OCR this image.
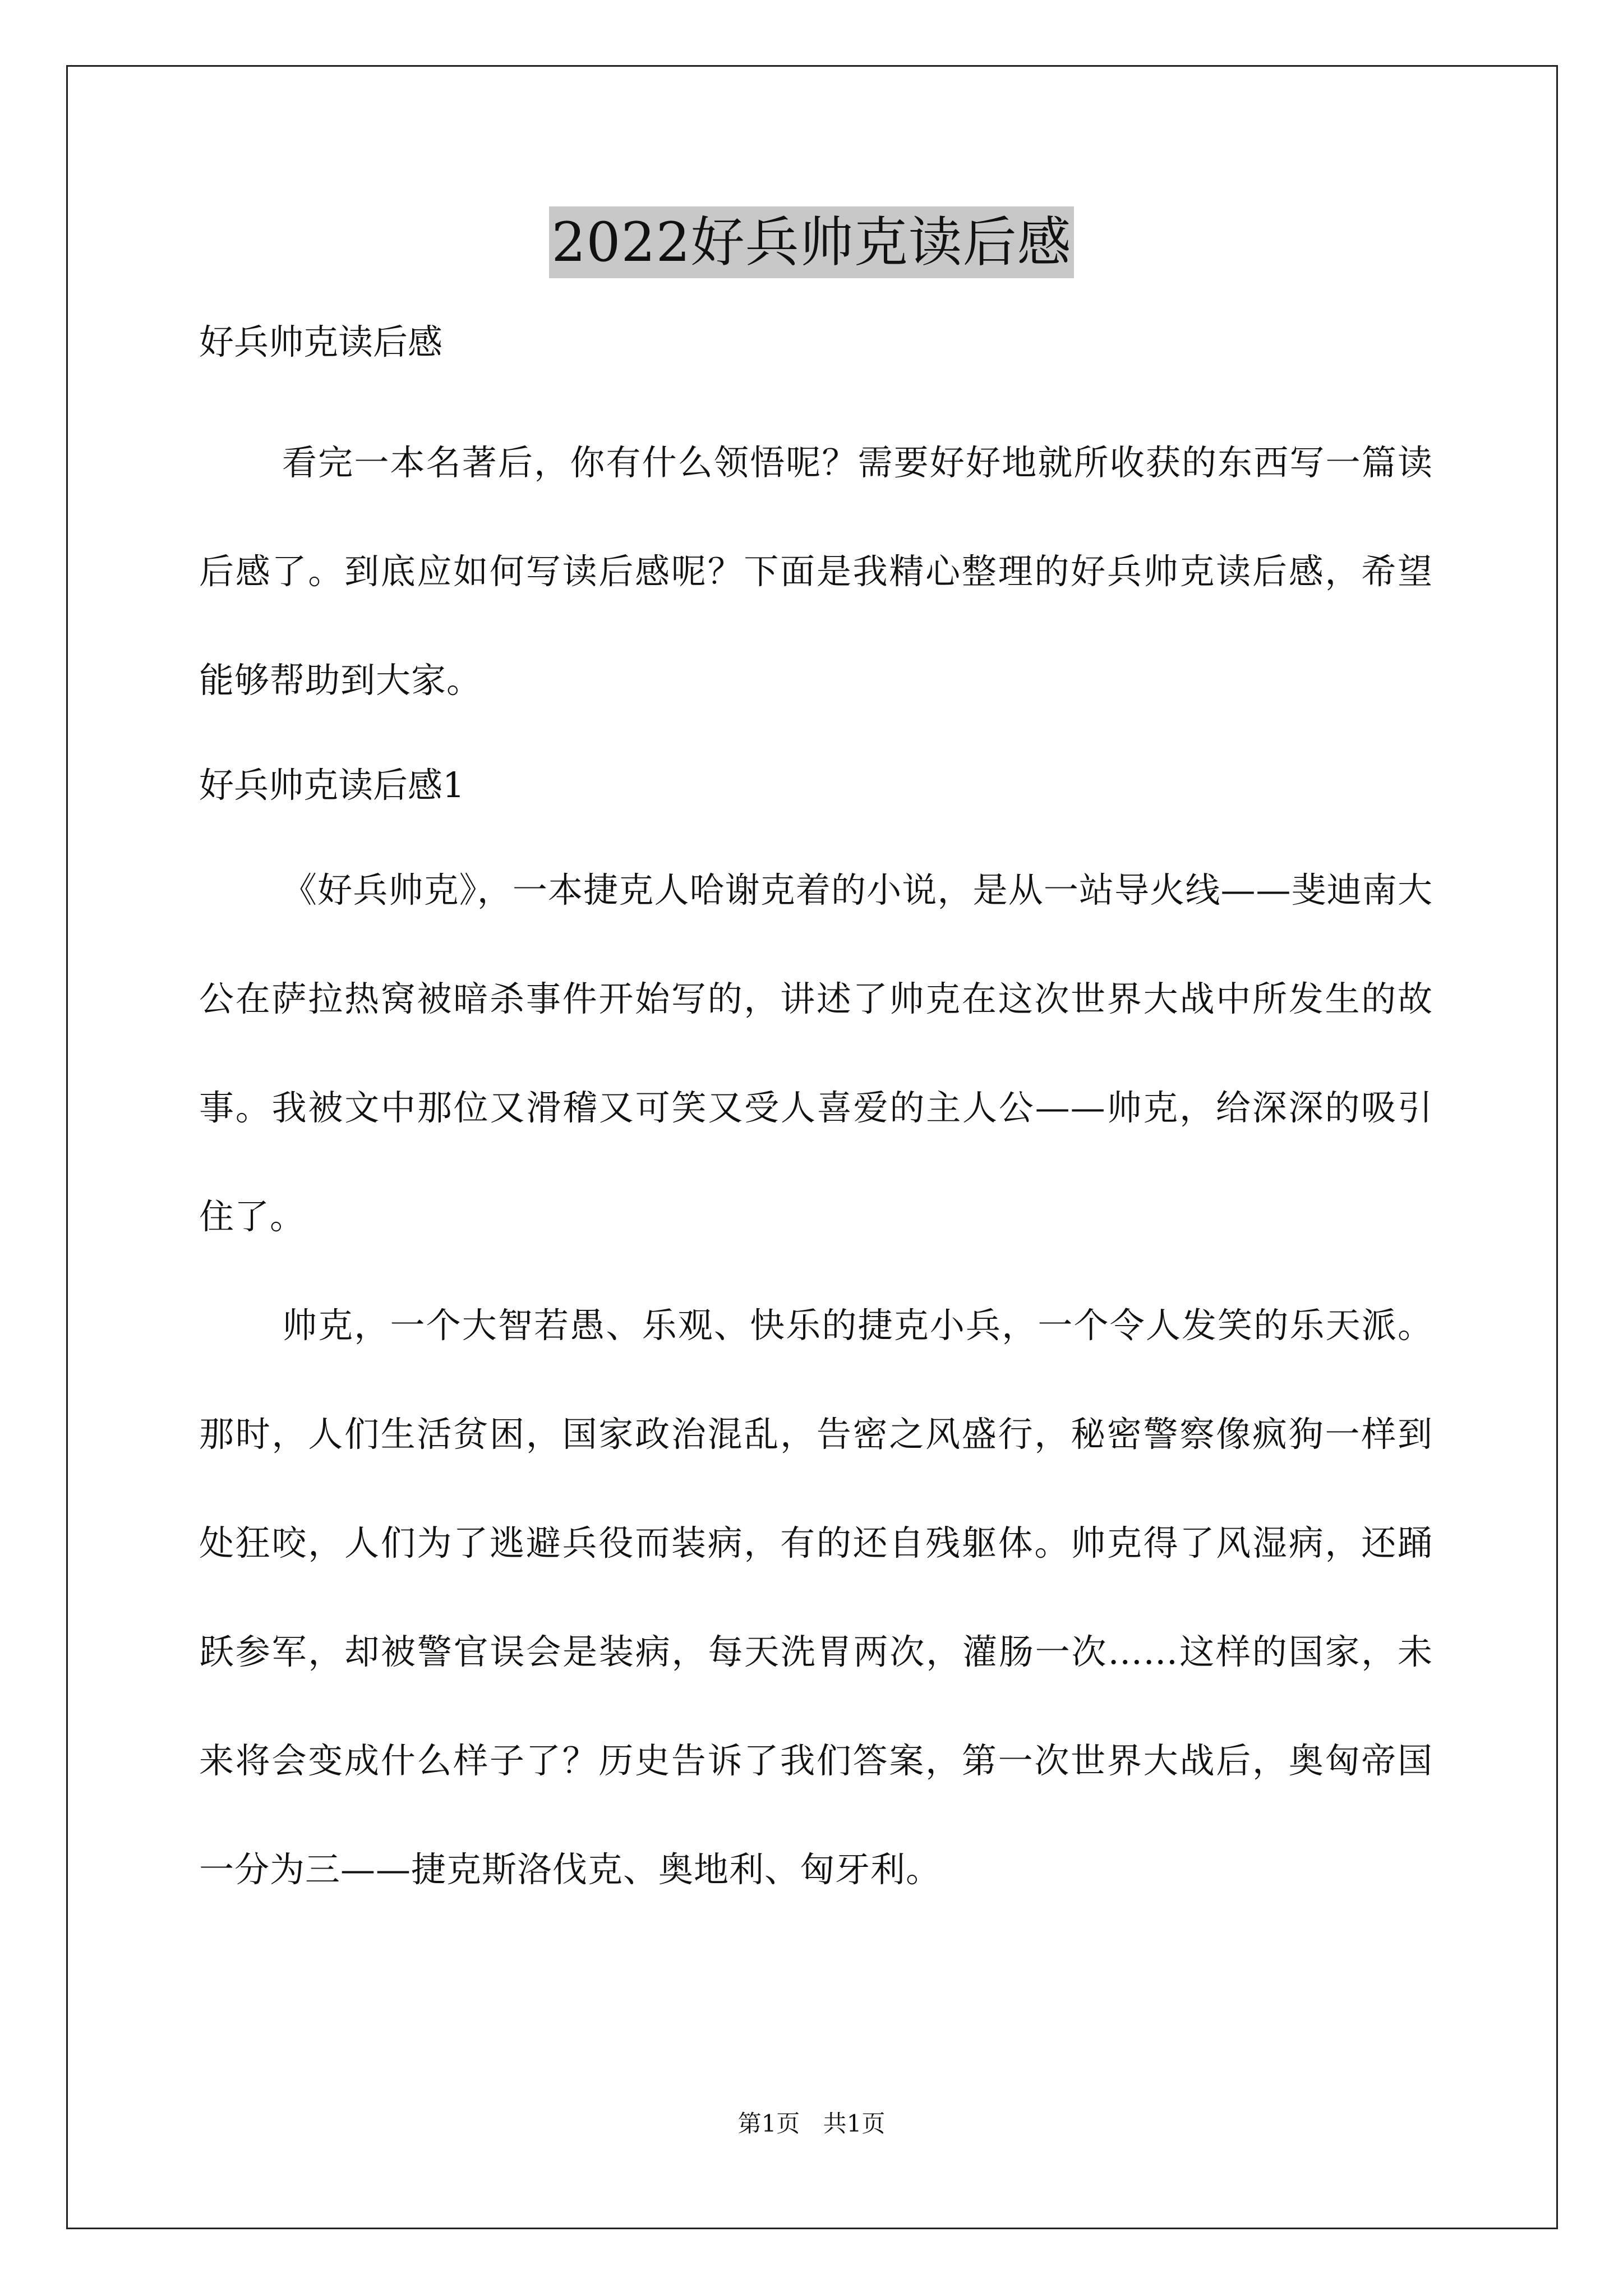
2022好兵帅克读后感

好兵帅克读后感

看完一本名著后，你有什么领悟呢？需要好好地就所收获的东西写一篇读后感了。到底应如何写读后感呢？下面是我精心整理的好兵帅克读后感，希望能够帮助到大家。

好兵帅克读后感1

《好兵帅克》，一本捷克人哈谢克着的小说，是从一站导火线——斐迪南大公在萨拉热窝被暗杀事件开始写的，讲述了帅克在这次世界大战中所发生的故事。我被文中那位又滑稽又可笑又受人喜爱的主人公——帅克，给深深的吸引住了。

帅克，一个大智若愚、乐观、快乐的捷克小兵，一个令人发笑的乐天派。那时，人们生活贫困，国家政治混乱，告密之风盛行，秘密警察像疯狗一样到处狂咬，人们为了逃避兵役而装病，有的还自残躯体。帅克得了风湿病，还踊跃参军，却被警官误会是装病，每天洗胃两次，灌肠一次……这样的国家，未来将会变成什么样子了？历史告诉了我们答案，第一次世界大战后，奥匈帝国一分为三——捷克斯洛伐克、奥地利、匈牙利。

第1页 共1页
